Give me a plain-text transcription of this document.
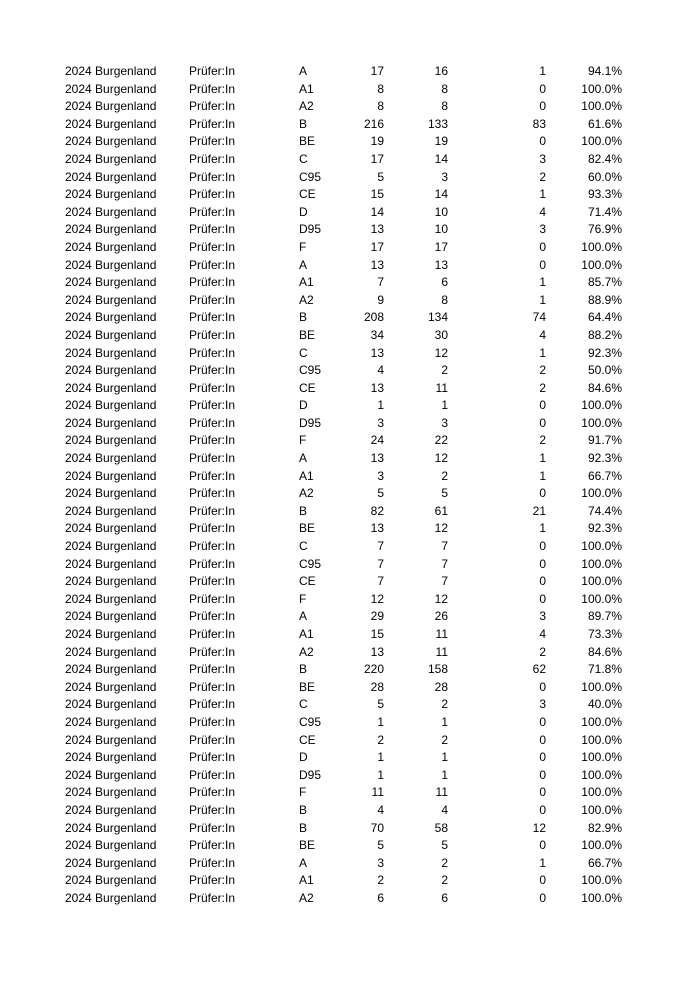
2024 Burgenland	Prüfer:In	A	17	16	1	94.1%
2024 Burgenland	Prüfer:In	A1	8	8	0	100.0%
2024 Burgenland	Prüfer:In	A2	8	8	0	100.0%
2024 Burgenland	Prüfer:In	B	216	133	83	61.6%
2024 Burgenland	Prüfer:In	BE	19	19	0	100.0%
2024 Burgenland	Prüfer:In	C	17	14	3	82.4%
2024 Burgenland	Prüfer:In	C95	5	3	2	60.0%
2024 Burgenland	Prüfer:In	CE	15	14	1	93.3%
2024 Burgenland	Prüfer:In	D	14	10	4	71.4%
2024 Burgenland	Prüfer:In	D95	13	10	3	76.9%
2024 Burgenland	Prüfer:In	F	17	17	0	100.0%
2024 Burgenland	Prüfer:In	A	13	13	0	100.0%
2024 Burgenland	Prüfer:In	A1	7	6	1	85.7%
2024 Burgenland	Prüfer:In	A2	9	8	1	88.9%
2024 Burgenland	Prüfer:In	B	208	134	74	64.4%
2024 Burgenland	Prüfer:In	BE	34	30	4	88.2%
2024 Burgenland	Prüfer:In	C	13	12	1	92.3%
2024 Burgenland	Prüfer:In	C95	4	2	2	50.0%
2024 Burgenland	Prüfer:In	CE	13	11	2	84.6%
2024 Burgenland	Prüfer:In	D	1	1	0	100.0%
2024 Burgenland	Prüfer:In	D95	3	3	0	100.0%
2024 Burgenland	Prüfer:In	F	24	22	2	91.7%
2024 Burgenland	Prüfer:In	A	13	12	1	92.3%
2024 Burgenland	Prüfer:In	A1	3	2	1	66.7%
2024 Burgenland	Prüfer:In	A2	5	5	0	100.0%
2024 Burgenland	Prüfer:In	B	82	61	21	74.4%
2024 Burgenland	Prüfer:In	BE	13	12	1	92.3%
2024 Burgenland	Prüfer:In	C	7	7	0	100.0%
2024 Burgenland	Prüfer:In	C95	7	7	0	100.0%
2024 Burgenland	Prüfer:In	CE	7	7	0	100.0%
2024 Burgenland	Prüfer:In	F	12	12	0	100.0%
2024 Burgenland	Prüfer:In	A	29	26	3	89.7%
2024 Burgenland	Prüfer:In	A1	15	11	4	73.3%
2024 Burgenland	Prüfer:In	A2	13	11	2	84.6%
2024 Burgenland	Prüfer:In	B	220	158	62	71.8%
2024 Burgenland	Prüfer:In	BE	28	28	0	100.0%
2024 Burgenland	Prüfer:In	C	5	2	3	40.0%
2024 Burgenland	Prüfer:In	C95	1	1	0	100.0%
2024 Burgenland	Prüfer:In	CE	2	2	0	100.0%
2024 Burgenland	Prüfer:In	D	1	1	0	100.0%
2024 Burgenland	Prüfer:In	D95	1	1	0	100.0%
2024 Burgenland	Prüfer:In	F	11	11	0	100.0%
2024 Burgenland	Prüfer:In	B	4	4	0	100.0%
2024 Burgenland	Prüfer:In	B	70	58	12	82.9%
2024 Burgenland	Prüfer:In	BE	5	5	0	100.0%
2024 Burgenland	Prüfer:In	A	3	2	1	66.7%
2024 Burgenland	Prüfer:In	A1	2	2	0	100.0%
2024 Burgenland	Prüfer:In	A2	6	6	0	100.0%
